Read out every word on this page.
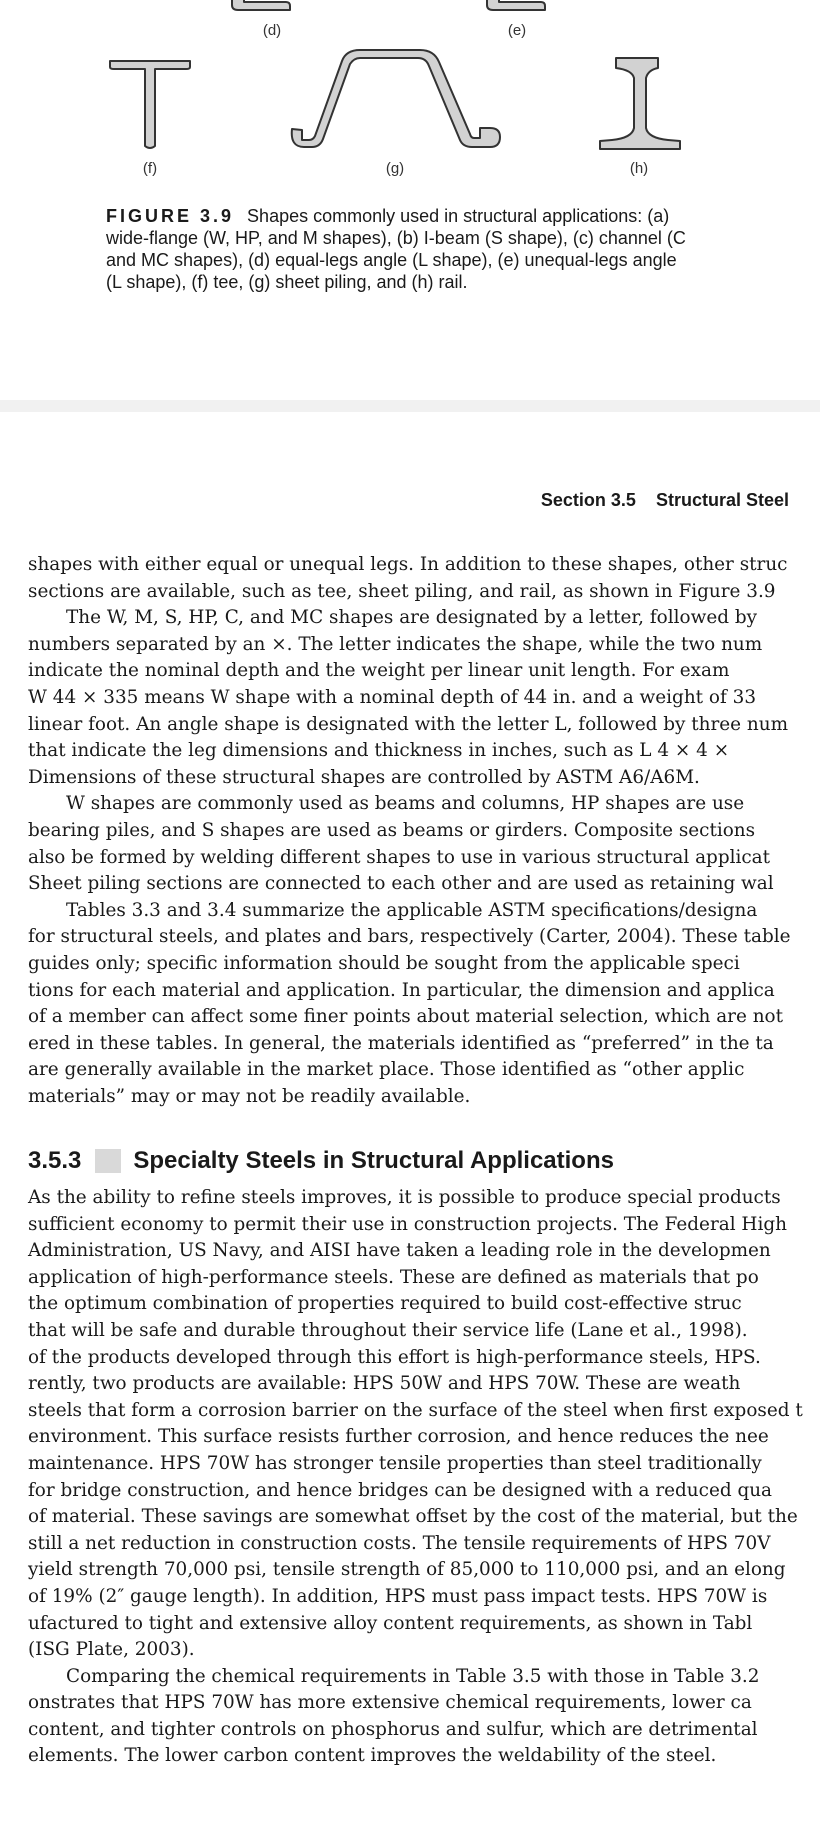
(d)	(e)
(f)	(g)	(h)
FIGURE 3.9 Shapes commonly used in structural applications: (a) wide-flange (W, HP, and M shapes), (b) I-beam (S shape), (c) channel (C and MC shapes), (d) equal-legs angle (L shape), (e) unequal-legs angle (L shape), (f) tee, (g) sheet piling, and (h) rail.
Section 3.5 Structural Steel
shapes with either equal or unequal legs. In addition to these shapes, other struc
sections are available, such as tee, sheet piling, and rail, as shown in Figure 3.9
The W, M, S, HP, C, and MC shapes are designated by a letter, followed by
numbers separated by an ×. The letter indicates the shape, while the two num
indicate the nominal depth and the weight per linear unit length. For exam
W 44 × 335 means W shape with a nominal depth of 44 in. and a weight of 33
linear foot. An angle shape is designated with the letter L, followed by three num
that indicate the leg dimensions and thickness in inches, such as L 4 × 4 ×
Dimensions of these structural shapes are controlled by ASTM A6/A6M.
W shapes are commonly used as beams and columns, HP shapes are use
bearing piles, and S shapes are used as beams or girders. Composite sections
also be formed by welding different shapes to use in various structural applicat
Sheet piling sections are connected to each other and are used as retaining wal
Tables 3.3 and 3.4 summarize the applicable ASTM specifications/designa
for structural steels, and plates and bars, respectively (Carter, 2004). These table
guides only; specific information should be sought from the applicable speci
tions for each material and application. In particular, the dimension and applica
of a member can affect some finer points about material selection, which are not
ered in these tables. In general, the materials identified as “preferred” in the ta
are generally available in the market place. Those identified as “other applic
materials” may or may not be readily available.
3.5.3 Specialty Steels in Structural Applications
As the ability to refine steels improves, it is possible to produce special products
sufficient economy to permit their use in construction projects. The Federal High
Administration, US Navy, and AISI have taken a leading role in the developmen
application of high-performance steels. These are defined as materials that po
the optimum combination of properties required to build cost-effective struc
that will be safe and durable throughout their service life (Lane et al., 1998).
of the products developed through this effort is high-performance steels, HPS.
rently, two products are available: HPS 50W and HPS 70W. These are weath
steels that form a corrosion barrier on the surface of the steel when first exposed t
environment. This surface resists further corrosion, and hence reduces the nee
maintenance. HPS 70W has stronger tensile properties than steel traditionally
for bridge construction, and hence bridges can be designed with a reduced qua
of material. These savings are somewhat offset by the cost of the material, but the
still a net reduction in construction costs. The tensile requirements of HPS 70V
yield strength 70,000 psi, tensile strength of 85,000 to 110,000 psi, and an elong
of 19% (2″ gauge length). In addition, HPS must pass impact tests. HPS 70W is
ufactured to tight and extensive alloy content requirements, as shown in Tabl
(ISG Plate, 2003).
Comparing the chemical requirements in Table 3.5 with those in Table 3.2
onstrates that HPS 70W has more extensive chemical requirements, lower ca
content, and tighter controls on phosphorus and sulfur, which are detrimental
elements. The lower carbon content improves the weldability of the steel.
